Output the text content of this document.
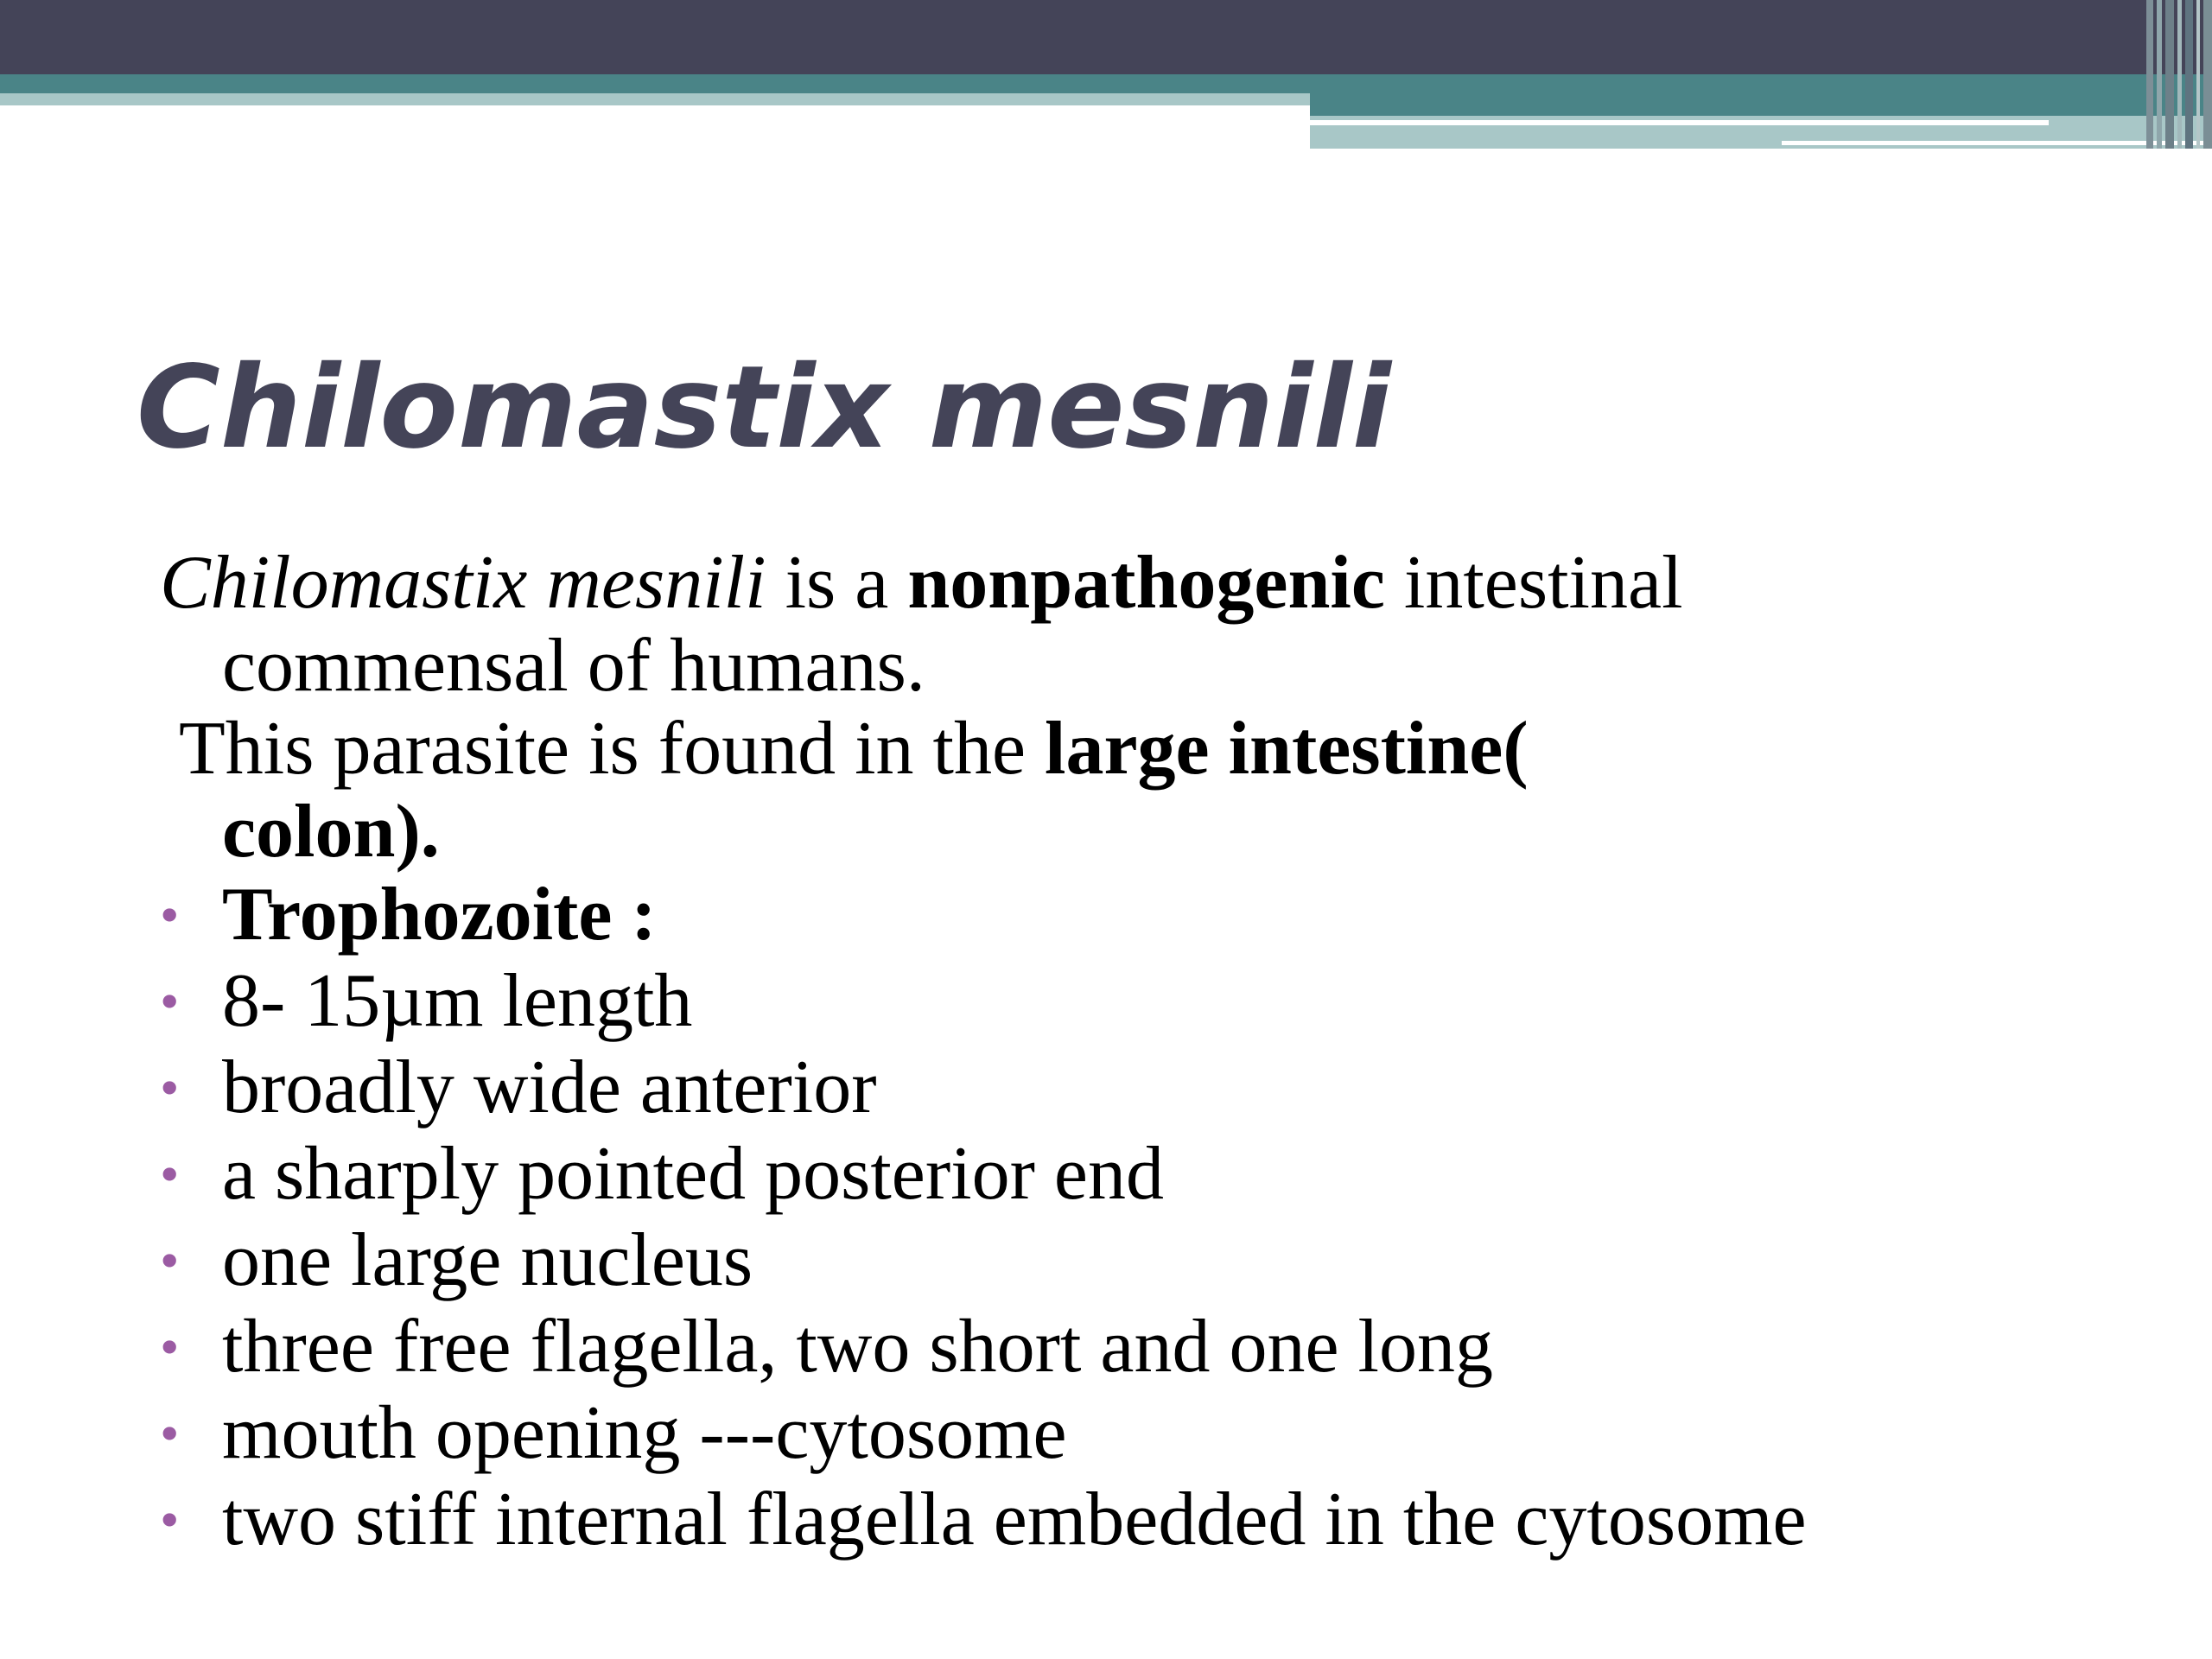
Chilomastix mesnili
Chilomastix mesnili is a nonpathogenic intestinal
commensal of humans.
This parasite is found in the large intestine(
colon).
• Trophozoite :
• 8- 15µm length
• broadly wide anterior
• a sharply pointed posterior end
• one large nucleus
• three free flagella, two short and one long
• mouth opening ---cytosome
• two stiff internal flagella embedded in the cytosome
